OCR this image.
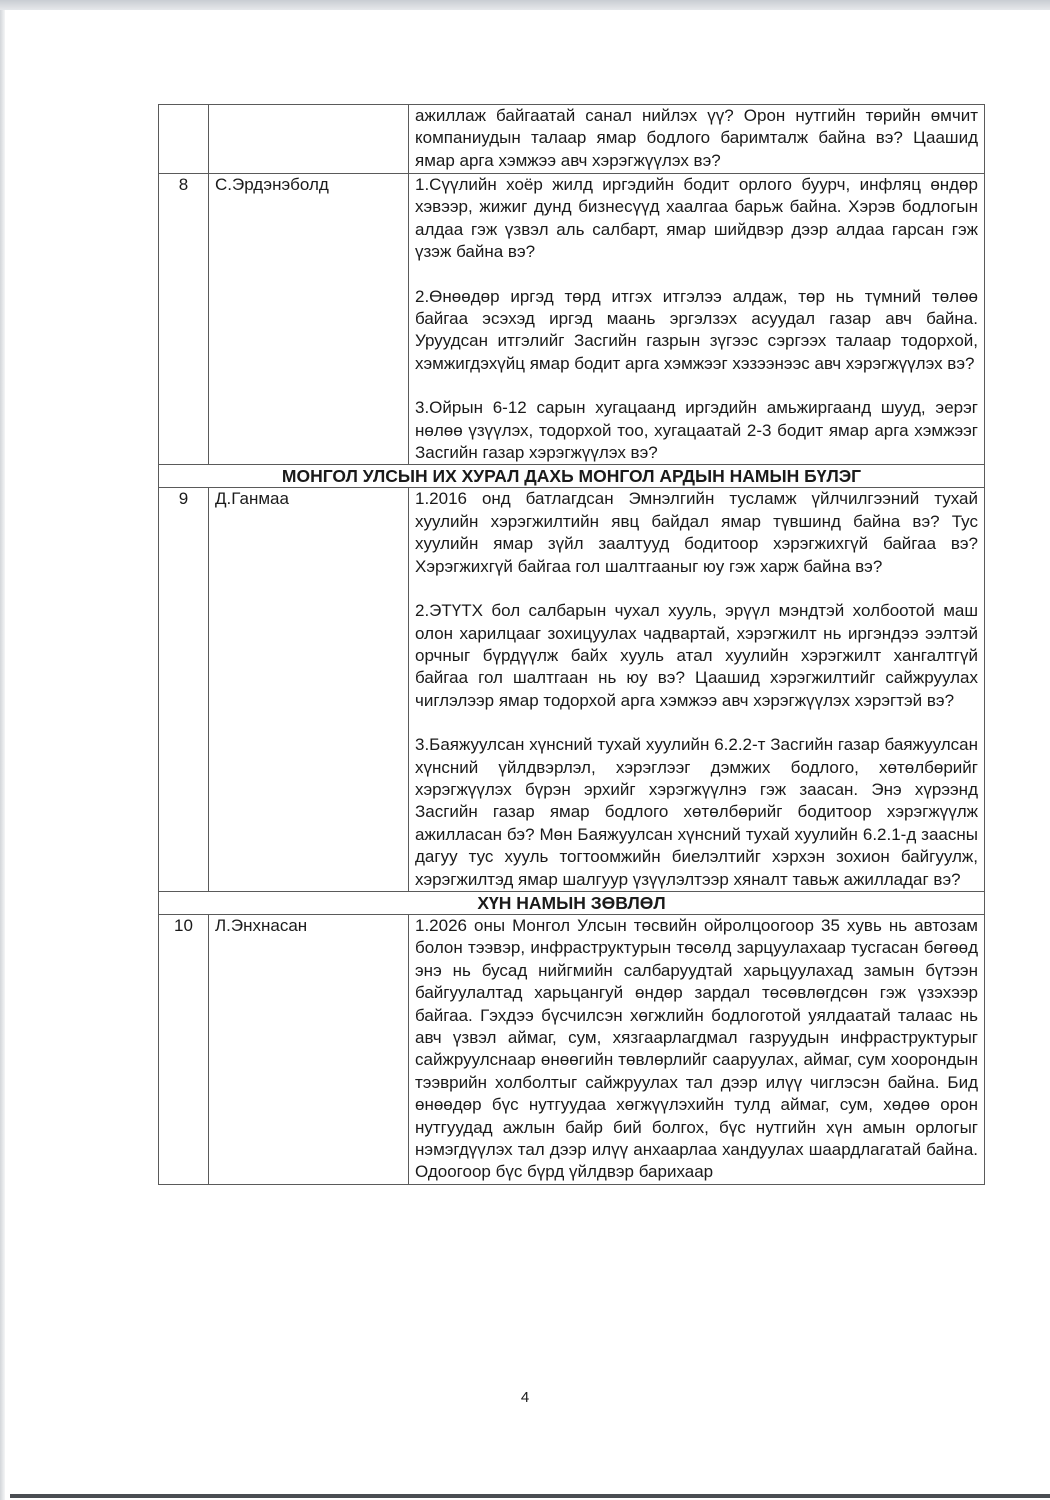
		ажиллаж байгаатай санал нийлэх үү? Орон нутгийн төрийн өмчит компаниудын талаар ямар бодлого баримталж байна вэ? Цаашид ямар арга хэмжээ авч хэрэгжүүлэх вэ?

8	С.Эрдэнэболд	1.Сүүлийн хоёр жилд иргэдийн бодит орлого буурч, инфляц өндөр хэвээр, жижиг дунд бизнесүүд хаалгаа барьж байна. Хэрэв бодлогын алдаа гэж үзвэл аль салбарт, ямар шийдвэр дээр алдаа гарсан гэж үзэж байна вэ?

2.Өнөөдөр иргэд төрд итгэх итгэлээ алдаж, төр нь түмний төлөө байгаа эсэхэд иргэд маань эргэлзэх асуудал газар авч байна. Уруудсан итгэлийг Засгийн газрын зүгээс сэргээх талаар тодорхой, хэмжигдэхүйц ямар бодит арга хэмжээг хэзээнээс авч хэрэгжүүлэх вэ?

3.Ойрын 6-12 сарын хугацаанд иргэдийн амьжиргаанд шууд, эерэг нөлөө үзүүлэх, тодорхой тоо, хугацаатай 2-3 бодит ямар арга хэмжээг Засгийн газар хэрэгжүүлэх вэ?

МОНГОЛ УЛСЫН ИХ ХУРАЛ ДАХЬ МОНГОЛ АРДЫН НАМЫН БҮЛЭГ		
9	Д.Ганмаа	1.2016 онд батлагдсан Эмнэлгийн тусламж үйлчилгээний тухай хуулийн хэрэгжилтийн явц байдал ямар түвшинд байна вэ? Тус хуулийн ямар зүйл заалтууд бодитоор хэрэгжихгүй байгаа вэ? Хэрэгжихгүй байгаа гол шалтгааныг юу гэж харж байна вэ?

2.ЭТҮТХ бол салбарын чухал хууль, эрүүл мэндтэй холбоотой маш олон харилцааг зохицуулах чадвартай, хэрэгжилт нь иргэндээ ээлтэй орчныг бүрдүүлж байх хууль атал хуулийн хэрэгжилт хангалтгүй байгаа гол шалтгаан нь юу вэ? Цаашид хэрэгжилтийг сайжруулах чиглэлээр ямар тодорхой арга хэмжээ авч хэрэгжүүлэх хэрэгтэй вэ?

3.Баяжуулсан хүнсний тухай хуулийн 6.2.2-т Засгийн газар баяжуулсан хүнсний үйлдвэрлэл, хэрэглээг дэмжих бодлого, хөтөлбөрийг хэрэгжүүлэх бүрэн эрхийг хэрэгжүүлнэ гэж заасан. Энэ хүрээнд Засгийн газар ямар бодлого хөтөлбөрийг бодитоор хэрэгжүүлж ажилласан бэ? Мөн Баяжуулсан хүнсний тухай хуулийн 6.2.1-д заасны дагуу тус хууль тогтоомжийн биелэлтийг хэрхэн зохион байгуулж, хэрэгжилтэд ямар шалгуур үзүүлэлтээр хяналт тавьж ажилладаг вэ?

ХҮН НАМЫН ЗӨВЛӨЛ		
10	Л.Энхнасан	1.2026 оны Монгол Улсын төсвийн ойролцоогоор 35 хувь нь автозам болон тээвэр, инфраструктурын төсөлд зарцуулахаар тусгасан бөгөөд энэ нь бусад нийгмийн салбаруудтай харьцуулахад замын бүтээн байгуулалтад харьцангуй өндөр зардал төсөвлөгдсөн гэж үзэхээр байгаа. Гэхдээ бүсчилсэн хөгжлийн бодлоготой уялдаатай талаас нь авч үзвэл аймаг, сум, хязгаарлагдмал газруудын инфраструктурыг сайжруулснаар өнөөгийн төвлөрлийг сааруулах, аймаг, сум хоорондын тээврийн холболтыг сайжруулах тал дээр илүү чиглэсэн байна. Бид өнөөдөр бүс нутгуудаа хөгжүүлэхийн тулд аймаг, сум, хөдөө орон нутгуудад ажлын байр бий болгох, бүс нутгийн хүн амын орлогыг нэмэгдүүлэх тал дээр илүү анхаарлаа хандуулах шаардлагатай байна. Одоогоор бүс бүрд үйлдвэр барихаар

4
